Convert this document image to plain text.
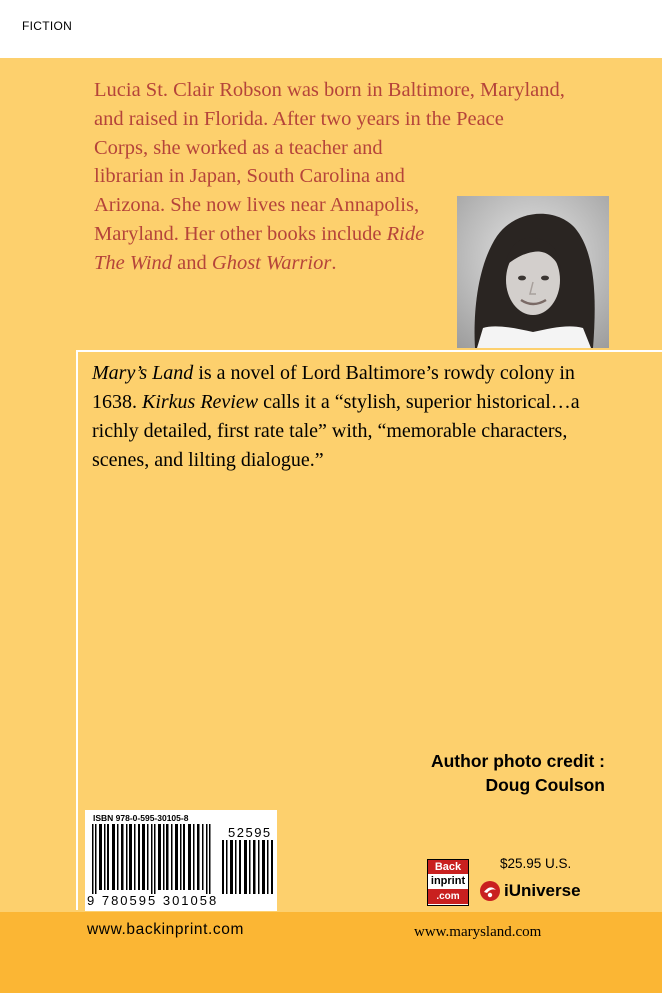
FICTION
Lucia St. Clair Robson was born in Baltimore, Maryland,
and raised in Florida. After two years in the Peace
Corps, she worked as a teacher and
librarian in Japan, South Carolina and
Arizona. She now lives near Annapolis,
Maryland. Her other books include Ride
The Wind and Ghost Warrior.
Mary’s Land is a novel of Lord Baltimore’s rowdy colony in
1638. Kirkus Review calls it a “stylish, superior historical…a
richly detailed, first rate tale” with, “memorable characters,
scenes, and lilting dialogue.”
Author photo credit :
Doug Coulson
ISBN 978-0-595-30105-8
52595
9 780595 301058
$25.95 U.S.
Back
inprint
.com	iUniverse
www.backinprint.com	www.marysland.com
